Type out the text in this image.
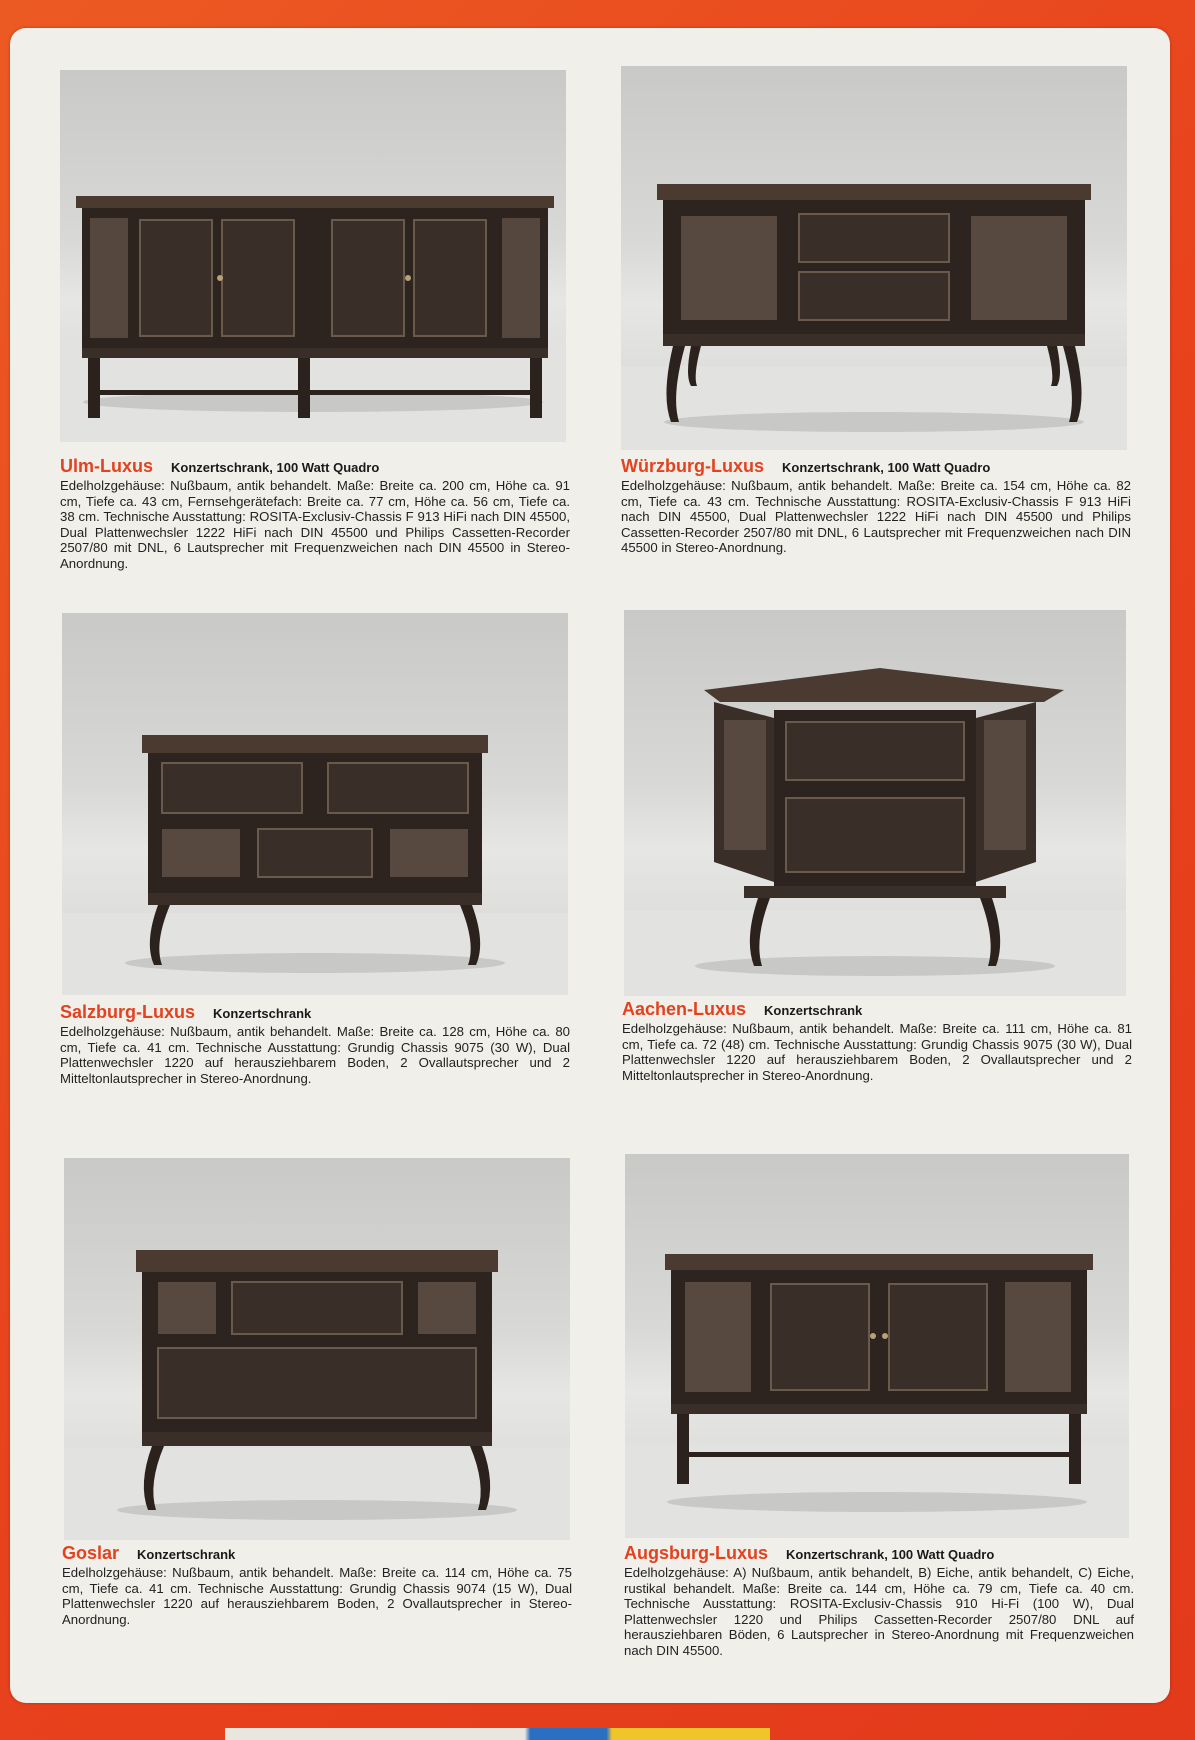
Ulm-Luxus Konzertschrank, 100 Watt Quadro
Edelholzgehäuse: Nußbaum, antik behandelt. Maße: Breite ca. 200 cm, Höhe ca. 91 cm, Tiefe ca. 43 cm, Fernsehgerätefach: Breite ca. 77 cm, Höhe ca. 56 cm, Tiefe ca. 38 cm. Technische Ausstattung: ROSITA-Exclusiv-Chassis F 913 HiFi nach DIN 45500, Dual Plattenwechsler 1222 HiFi nach DIN 45500 und Philips Cassetten-Recorder 2507/80 mit DNL, 6 Lautsprecher mit Frequenzweichen nach DIN 45500 in Stereo-Anordnung.
Würzburg-Luxus Konzertschrank, 100 Watt Quadro
Edelholzgehäuse: Nußbaum, antik behandelt. Maße: Breite ca. 154 cm, Höhe ca. 82 cm, Tiefe ca. 43 cm. Technische Ausstattung: ROSITA-Exclusiv-Chassis F 913 HiFi nach DIN 45500, Dual Plattenwechsler 1222 HiFi nach DIN 45500 und Philips Cassetten-Recorder 2507/80 mit DNL, 6 Lautsprecher mit Frequenzweichen nach DIN 45500 in Stereo-Anordnung.
Salzburg-Luxus Konzertschrank
Edelholzgehäuse: Nußbaum, antik behandelt. Maße: Breite ca. 128 cm, Höhe ca. 80 cm, Tiefe ca. 41 cm. Technische Ausstattung: Grundig Chassis 9075 (30 W), Dual Plattenwechsler 1220 auf herausziehbarem Boden, 2 Ovallautsprecher und 2 Mitteltonlautsprecher in Stereo-Anordnung.
Aachen-Luxus Konzertschrank
Edelholzgehäuse: Nußbaum, antik behandelt. Maße: Breite ca. 111 cm, Höhe ca. 81 cm, Tiefe ca. 72 (48) cm. Technische Ausstattung: Grundig Chassis 9075 (30 W), Dual Plattenwechsler 1220 auf herausziehbarem Boden, 2 Ovallautsprecher und 2 Mitteltonlautsprecher in Stereo-Anordnung.
Goslar Konzertschrank
Edelholzgehäuse: Nußbaum, antik behandelt. Maße: Breite ca. 114 cm, Höhe ca. 75 cm, Tiefe ca. 41 cm. Technische Ausstattung: Grundig Chassis 9074 (15 W), Dual Plattenwechsler 1220 auf herausziehbarem Boden, 2 Ovallautsprecher in Stereo-Anordnung.
Augsburg-Luxus Konzertschrank, 100 Watt Quadro
Edelholzgehäuse: A) Nußbaum, antik behandelt, B) Eiche, antik behandelt, C) Eiche, rustikal behandelt. Maße: Breite ca. 144 cm, Höhe ca. 79 cm, Tiefe ca. 40 cm. Technische Ausstattung: ROSITA-Exclusiv-Chassis 910 Hi-Fi (100 W), Dual Plattenwechsler 1220 und Philips Cassetten-Recorder 2507/80 DNL auf herausziehbaren Böden, 6 Lautsprecher in Stereo-Anordnung mit Frequenzweichen nach DIN 45500.
